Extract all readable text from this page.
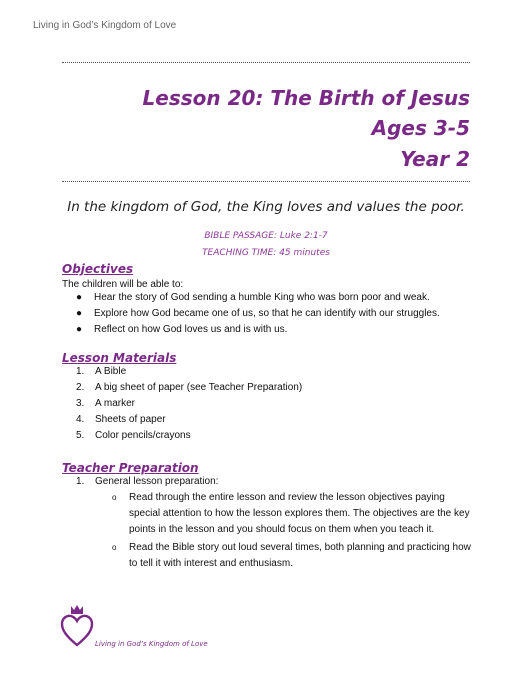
Living in God’s Kingdom of Love
Lesson 20: The Birth of Jesus
Ages 3-5
Year 2
In the kingdom of God, the King loves and values the poor.
BIBLE PASSAGE: Luke 2:1-7
TEACHING TIME: 45 minutes
Objectives
The children will be able to:
● Hear the story of God sending a humble King who was born poor and weak.
● Explore how God became one of us, so that he can identify with our struggles.
● Reflect on how God loves us and is with us.
Lesson Materials
1. A Bible
2. A big sheet of paper (see Teacher Preparation)
3. A marker
4. Sheets of paper
5. Color pencils/crayons
Teacher Preparation
1. General lesson preparation:
o Read through the entire lesson and review the lesson objectives paying special attention to how the lesson explores them. The objectives are the key points in the lesson and you should focus on them when you teach it.
o Read the Bible story out loud several times, both planning and practicing how to tell it with interest and enthusiasm.
Living in God’s Kingdom of Love
